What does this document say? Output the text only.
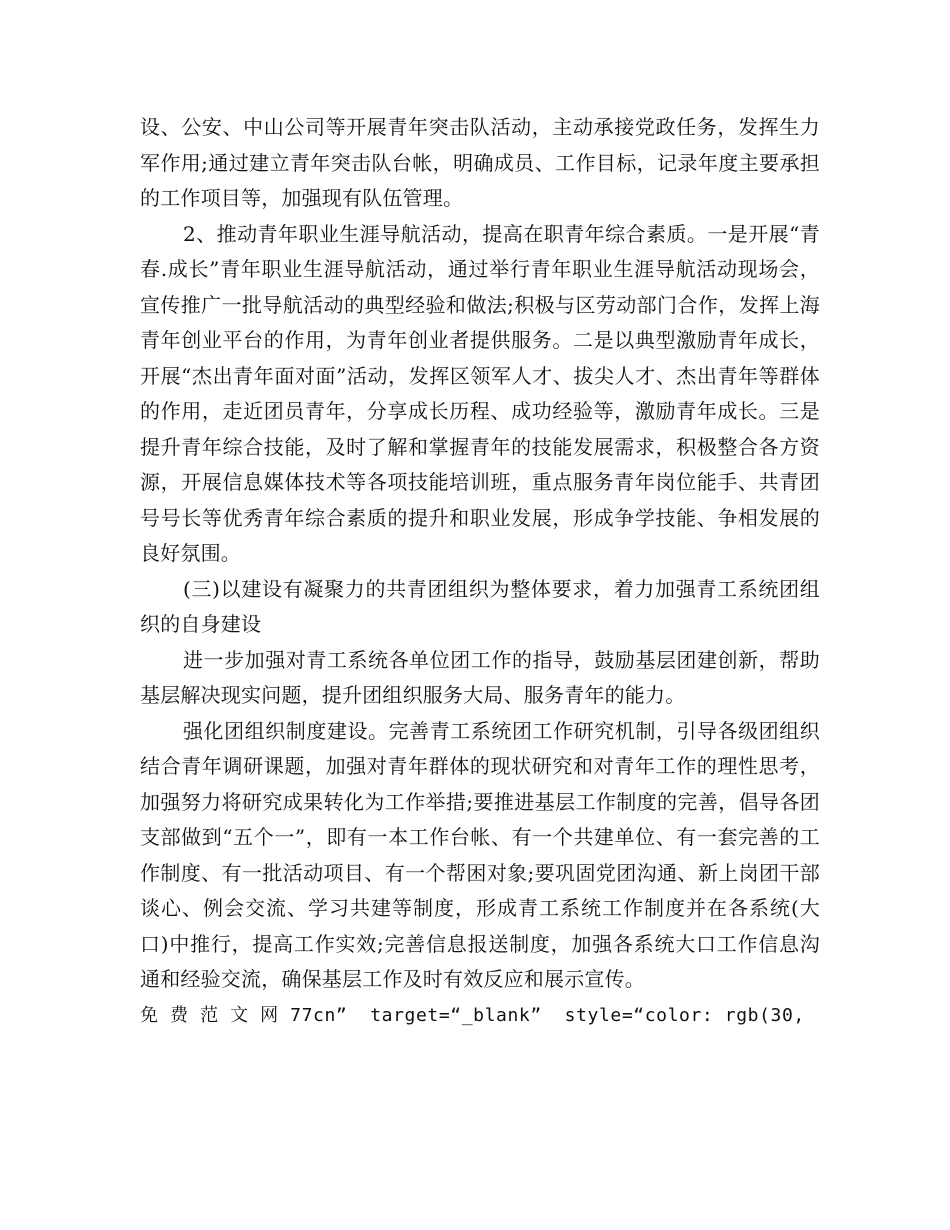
设、公安、中山公司等开展青年突击队活动，主动承接党政任务，发挥生力军作用;通过建立青年突击队台帐，明确成员、工作目标，记录年度主要承担的工作项目等，加强现有队伍管理。

2、推动青年职业生涯导航活动，提高在职青年综合素质。一是开展“青春.成长”青年职业生涯导航活动，通过举行青年职业生涯导航活动现场会，宣传推广一批导航活动的典型经验和做法;积极与区劳动部门合作，发挥上海青年创业平台的作用，为青年创业者提供服务。二是以典型激励青年成长，开展“杰出青年面对面”活动，发挥区领军人才、拔尖人才、杰出青年等群体的作用，走近团员青年，分享成长历程、成功经验等，激励青年成长。三是提升青年综合技能，及时了解和掌握青年的技能发展需求，积极整合各方资源，开展信息媒体技术等各项技能培训班，重点服务青年岗位能手、共青团号号长等优秀青年综合素质的提升和职业发展，形成争学技能、争相发展的良好氛围。

(三)以建设有凝聚力的共青团组织为整体要求，着力加强青工系统团组织的自身建设

进一步加强对青工系统各单位团工作的指导，鼓励基层团建创新，帮助基层解决现实问题，提升团组织服务大局、服务青年的能力。

强化团组织制度建设。完善青工系统团工作研究机制，引导各级团组织结合青年调研课题，加强对青年群体的现状研究和对青年工作的理性思考，加强努力将研究成果转化为工作举措;要推进基层工作制度的完善，倡导各团支部做到“五个一”，即有一本工作台帐、有一个共建单位、有一套完善的工作制度、有一批活动项目、有一个帮困对象;要巩固党团沟通、新上岗团干部谈心、例会交流、学习共建等制度，形成青工系统工作制度并在各系统(大口)中推行，提高工作实效;完善信息报送制度，加强各系统大口工作信息沟通和经验交流，确保基层工作及时有效反应和展示宣传。

免 费 范 文 网 77cn”  target=“_blank”  style=“color: rgb(30,
